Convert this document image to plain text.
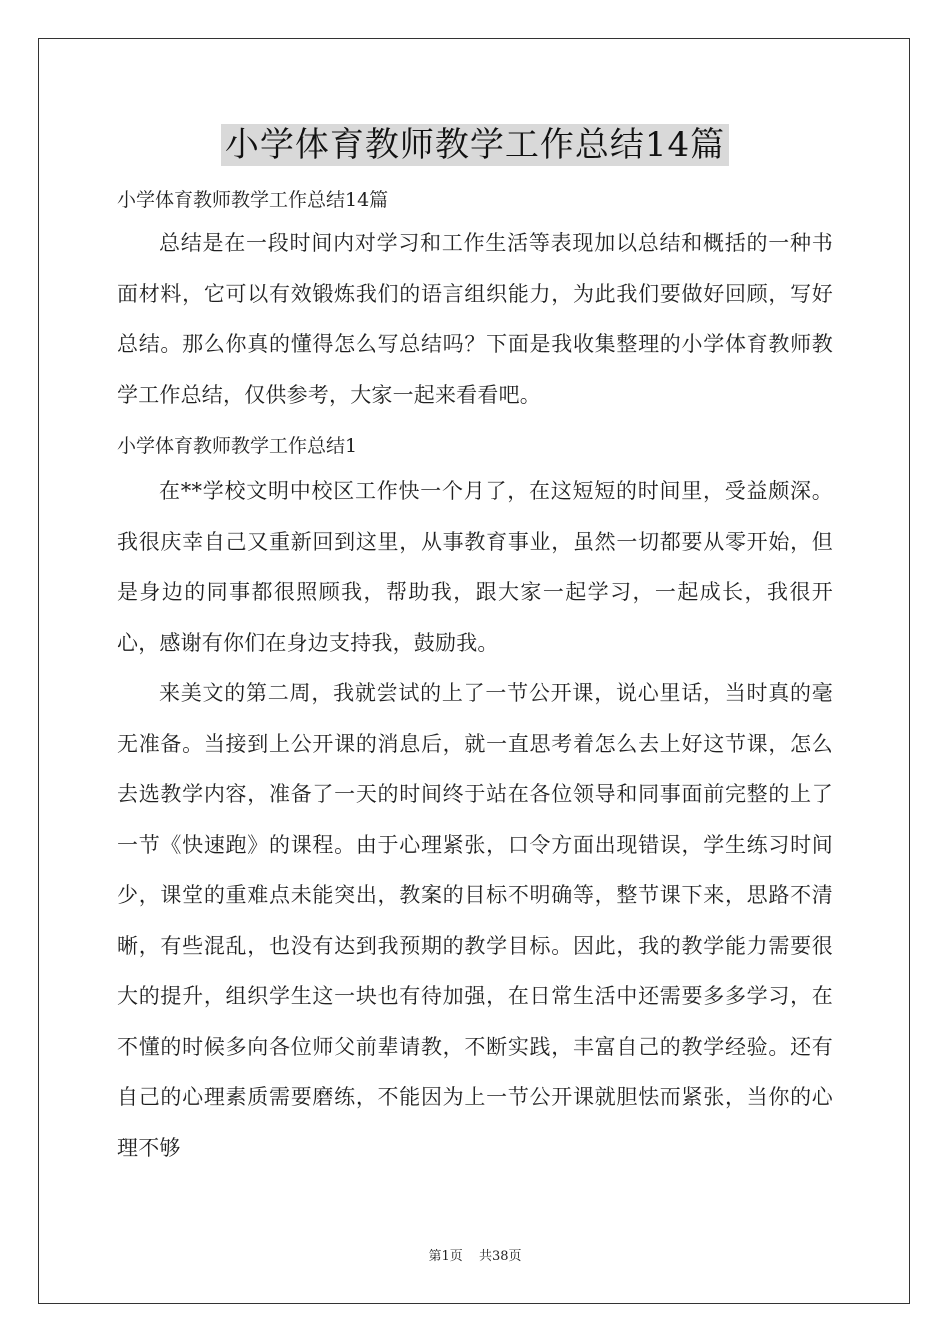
小学体育教师教学工作总结14篇

小学体育教师教学工作总结14篇

总结是在一段时间内对学习和工作生活等表现加以总结和概括的一种书面材料，它可以有效锻炼我们的语言组织能力，为此我们要做好回顾，写好总结。那么你真的懂得怎么写总结吗？下面是我收集整理的小学体育教师教学工作总结，仅供参考，大家一起来看看吧。

小学体育教师教学工作总结1

在**学校文明中校区工作快一个月了，在这短短的时间里，受益颇深。我很庆幸自己又重新回到这里，从事教育事业，虽然一切都要从零开始，但是身边的同事都很照顾我，帮助我，跟大家一起学习，一起成长，我很开心，感谢有你们在身边支持我，鼓励我。

来美文的第二周，我就尝试的上了一节公开课，说心里话，当时真的毫无准备。当接到上公开课的消息后，就一直思考着怎么去上好这节课，怎么去选教学内容，准备了一天的时间终于站在各位领导和同事面前完整的上了一节《快速跑》的课程。由于心理紧张，口令方面出现错误，学生练习时间少，课堂的重难点未能突出，教案的目标不明确等，整节课下来，思路不清晰，有些混乱，也没有达到我预期的教学目标。因此，我的教学能力需要很大的提升，组织学生这一块也有待加强，在日常生活中还需要多多学习，在不懂的时候多向各位师父前辈请教，不断实践，丰富自己的教学经验。还有自己的心理素质需要磨练，不能因为上一节公开课就胆怯而紧张，当你的心理不够

第1页 共38页
